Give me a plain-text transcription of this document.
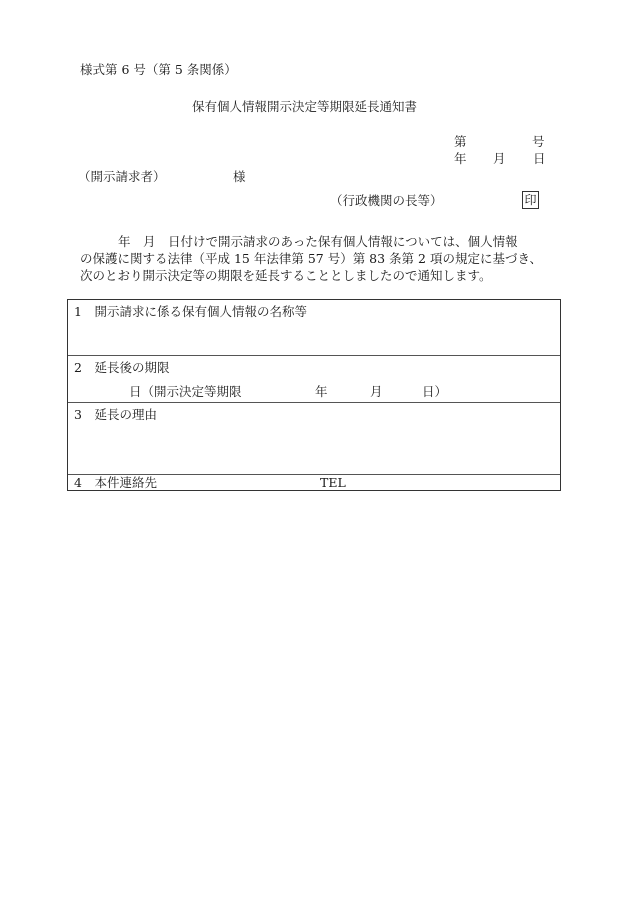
様式第 6 号（第 5 条関係）
保有個人情報開示決定等期限延長通知書
第	号
年 月 日
（開示請求者）	様
（行政機関の長等）	印
年　月　日付けで開示請求のあった保有個人情報については、個人情報
の保護に関する法律（平成 15 年法律第 57 号）第 83 条第 2 項の規定に基づき、
次のとおり開示決定等の期限を延長することとしましたので通知します。
1　開示請求に係る保有個人情報の名称等
2　延長後の期限
日（開示決定等期限	年	月	日）
3　延長の理由
4　本件連絡先	TEL
